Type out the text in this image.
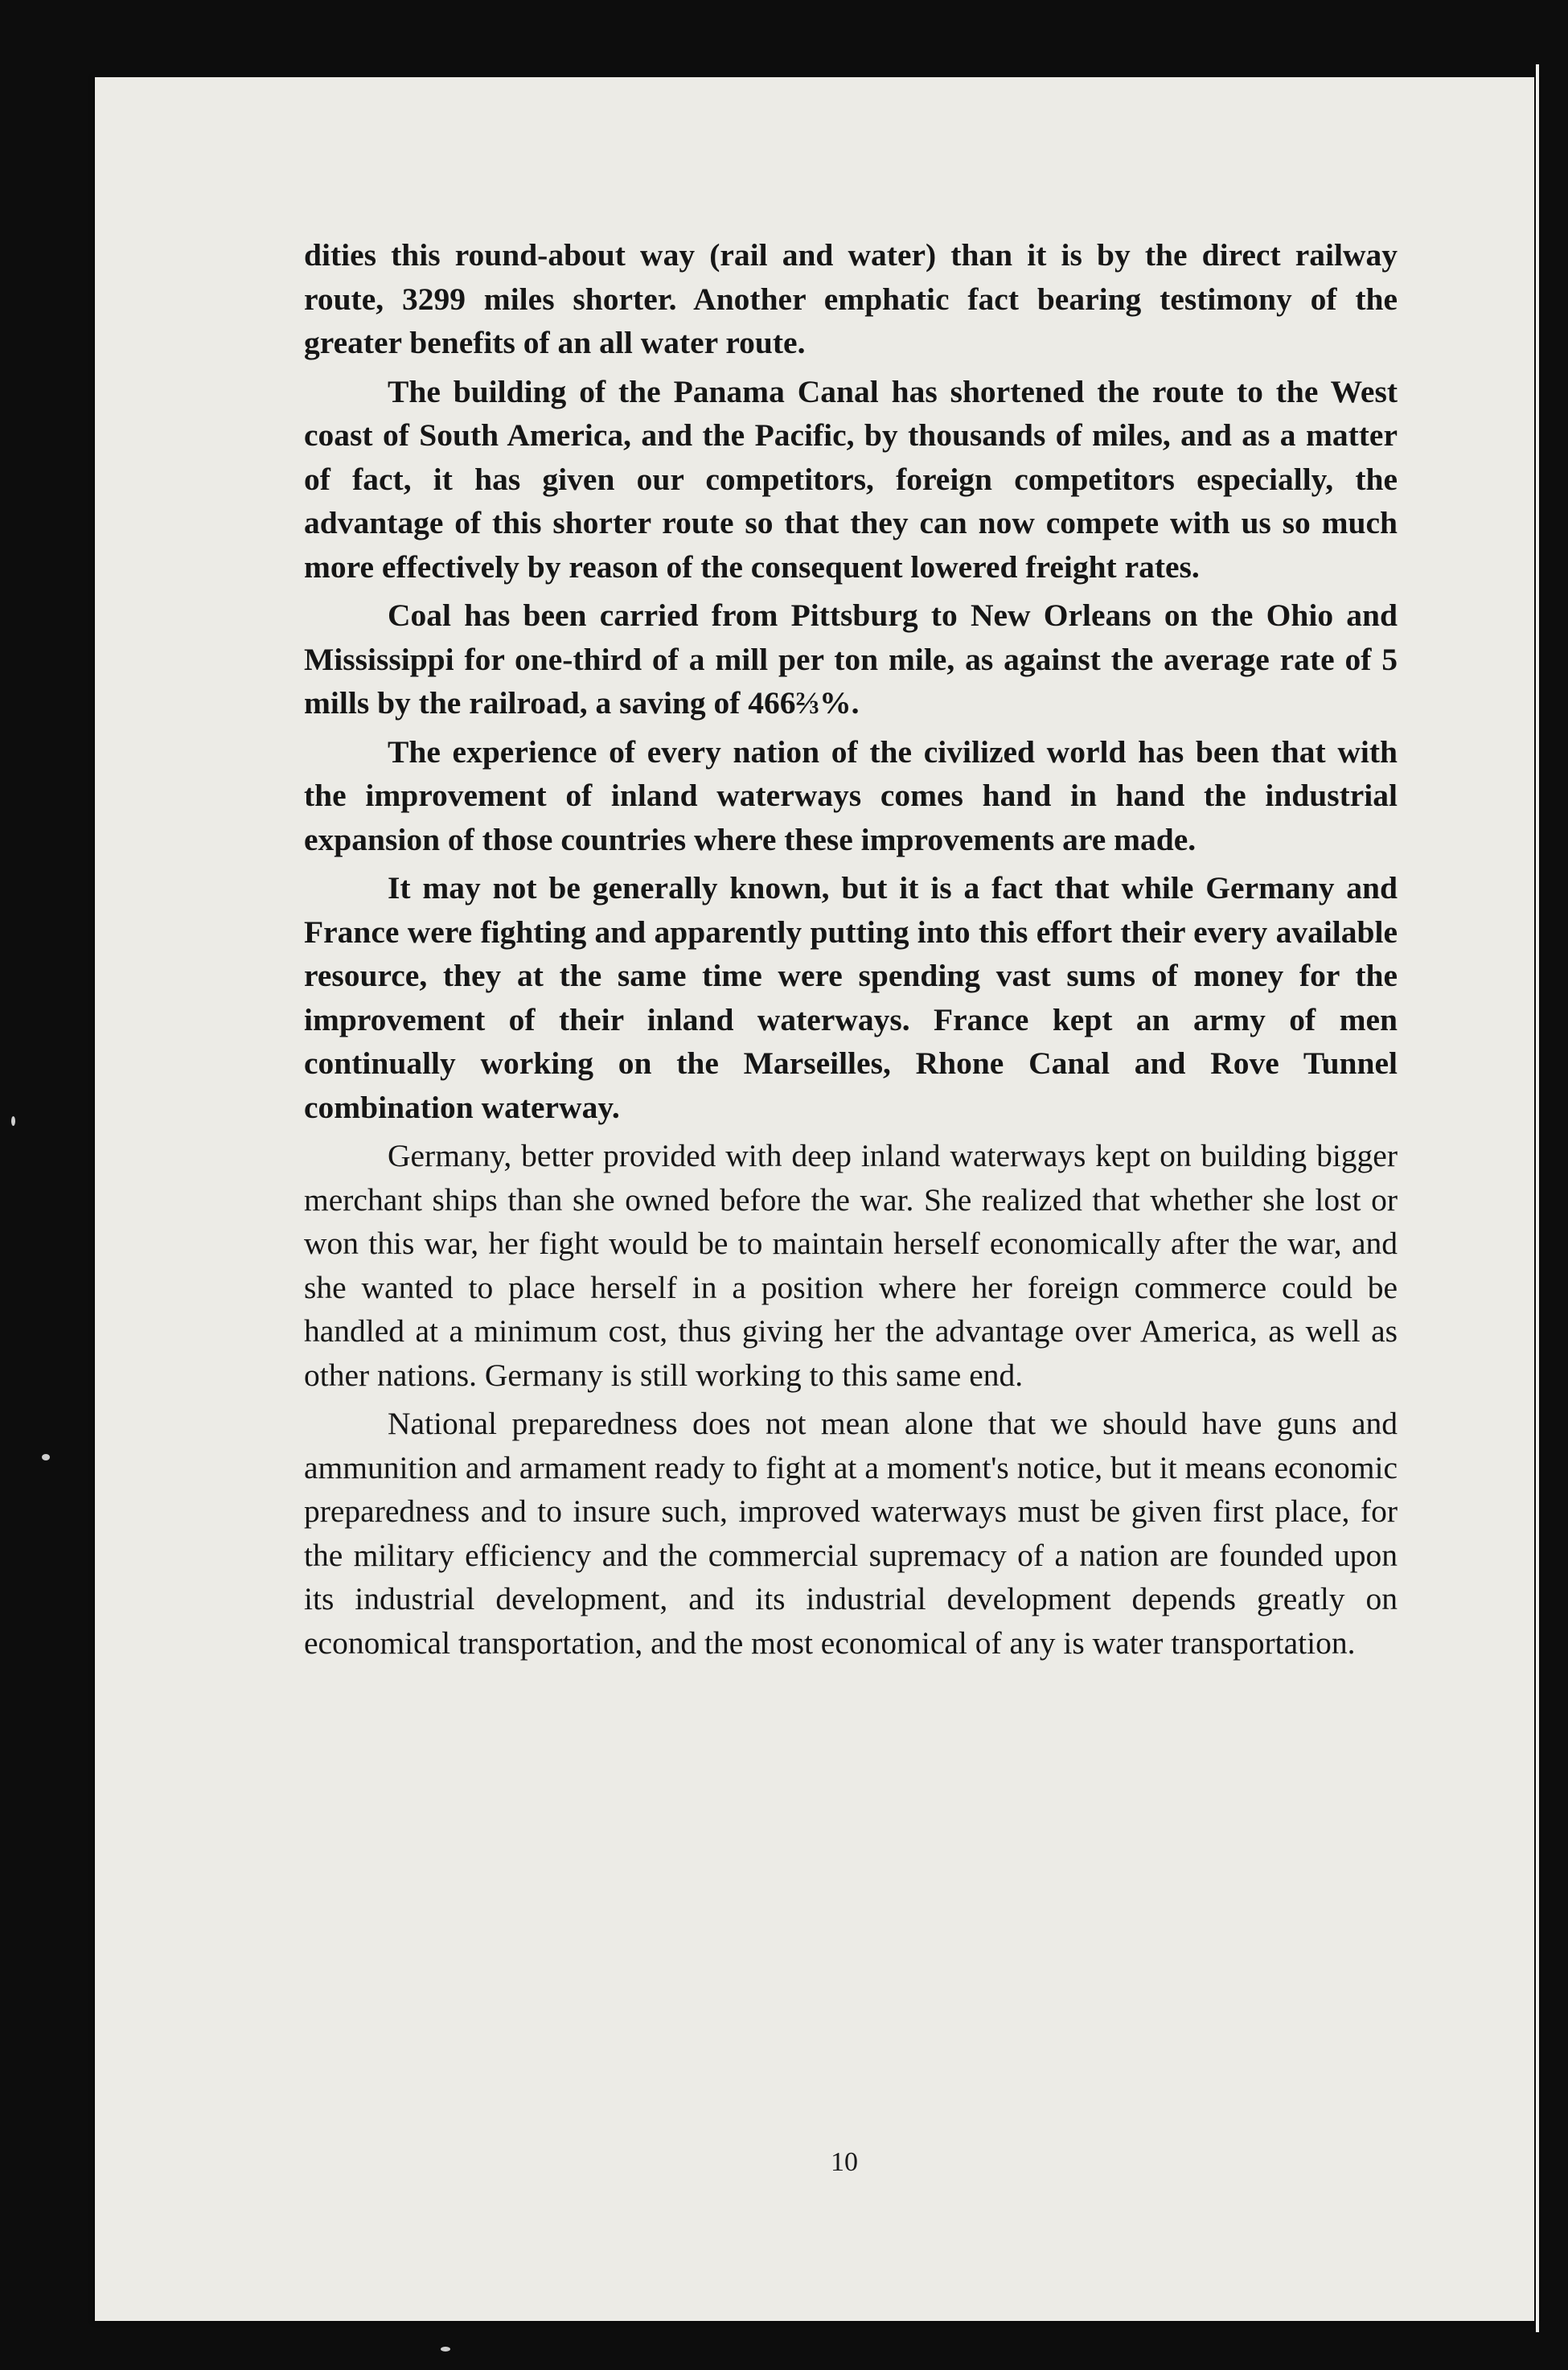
dities this round-about way (rail and water) than it is by the direct railway route, 3299 miles shorter. Another emphatic fact bearing testimony of the greater benefits of an all water route.

The building of the Panama Canal has shortened the route to the West coast of South America, and the Pacific, by thousands of miles, and as a matter of fact, it has given our competitors, foreign competitors especially, the advantage of this shorter route so that they can now compete with us so much more effectively by reason of the consequent lowered freight rates.

Coal has been carried from Pittsburg to New Orleans on the Ohio and Mississippi for one-third of a mill per ton mile, as against the average rate of 5 mills by the railroad, a saving of 466⅔%.

The experience of every nation of the civilized world has been that with the improvement of inland waterways comes hand in hand the industrial expansion of those countries where these improvements are made.

It may not be generally known, but it is a fact that while Germany and France were fighting and apparently putting into this effort their every available resource, they at the same time were spending vast sums of money for the improvement of their inland waterways. France kept an army of men continually working on the Marseilles, Rhone Canal and Rove Tunnel combination waterway.

Germany, better provided with deep inland waterways kept on building bigger merchant ships than she owned before the war. She realized that whether she lost or won this war, her fight would be to maintain herself economically after the war, and she wanted to place herself in a position where her foreign commerce could be handled at a minimum cost, thus giving her the advantage over America, as well as other nations. Germany is still working to this same end.

National preparedness does not mean alone that we should have guns and ammunition and armament ready to fight at a moment's notice, but it means economic preparedness and to insure such, improved waterways must be given first place, for the military efficiency and the commercial supremacy of a nation are founded upon its industrial development, and its industrial development depends greatly on economical transportation, and the most economical of any is water transportation.

10
